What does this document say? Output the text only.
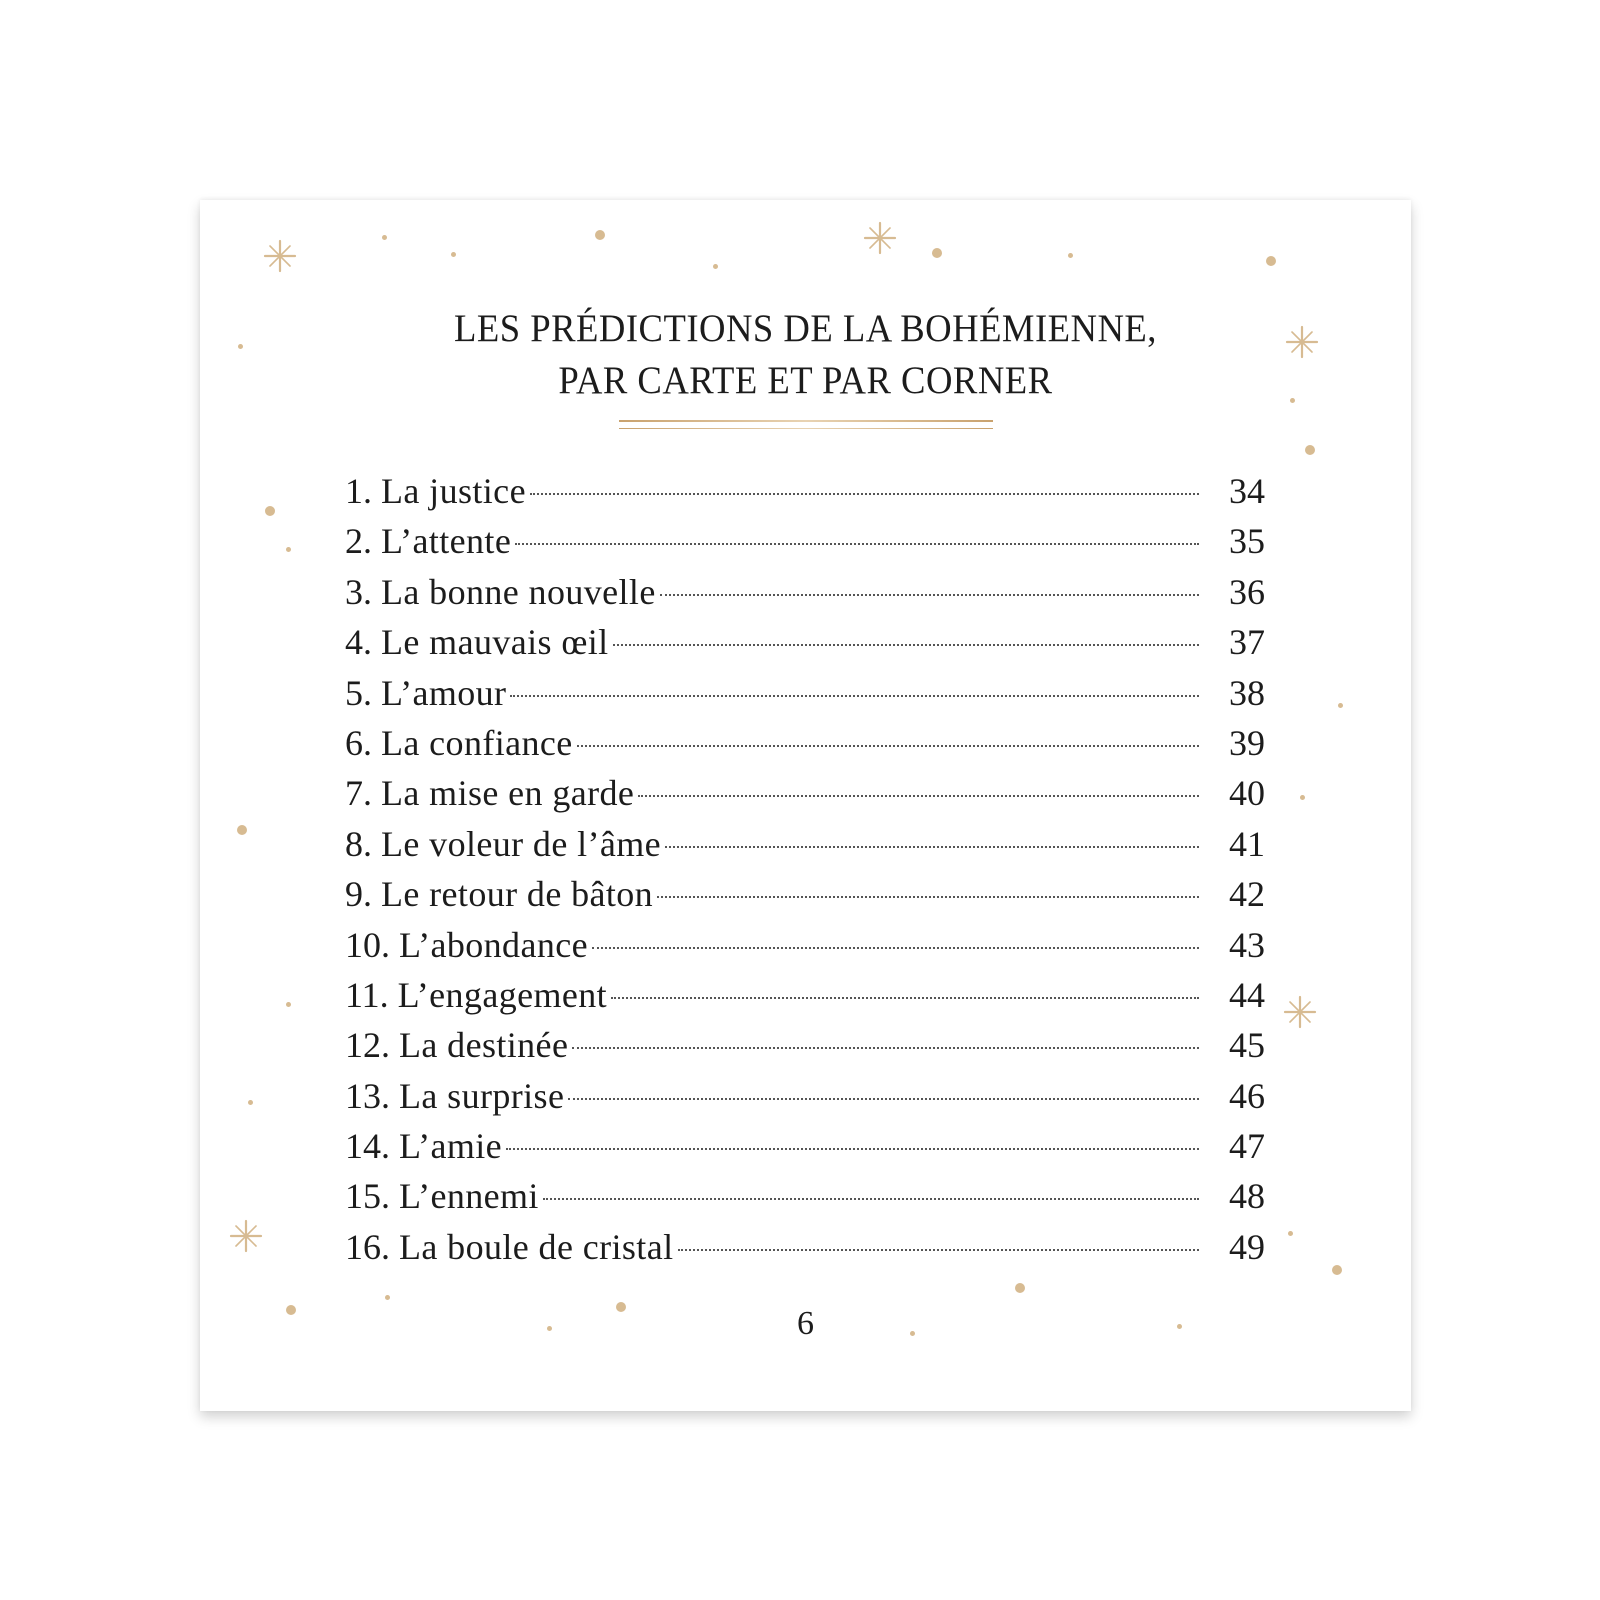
LES PRÉDICTIONS DE LA BOHÉMIENNE,
PAR CARTE ET PAR CORNER
1. La justice	34
2. L’attente	35
3. La bonne nouvelle	36
4. Le mauvais œil	37
5. L’amour	38
6. La confiance	39
7. La mise en garde	40
8. Le voleur de l’âme	41
9. Le retour de bâton	42
10. L’abondance	43
11. L’engagement	44
12. La destinée	45
13. La surprise	46
14. L’amie	47
15. L’ennemi	48
16. La boule de cristal	49
6
